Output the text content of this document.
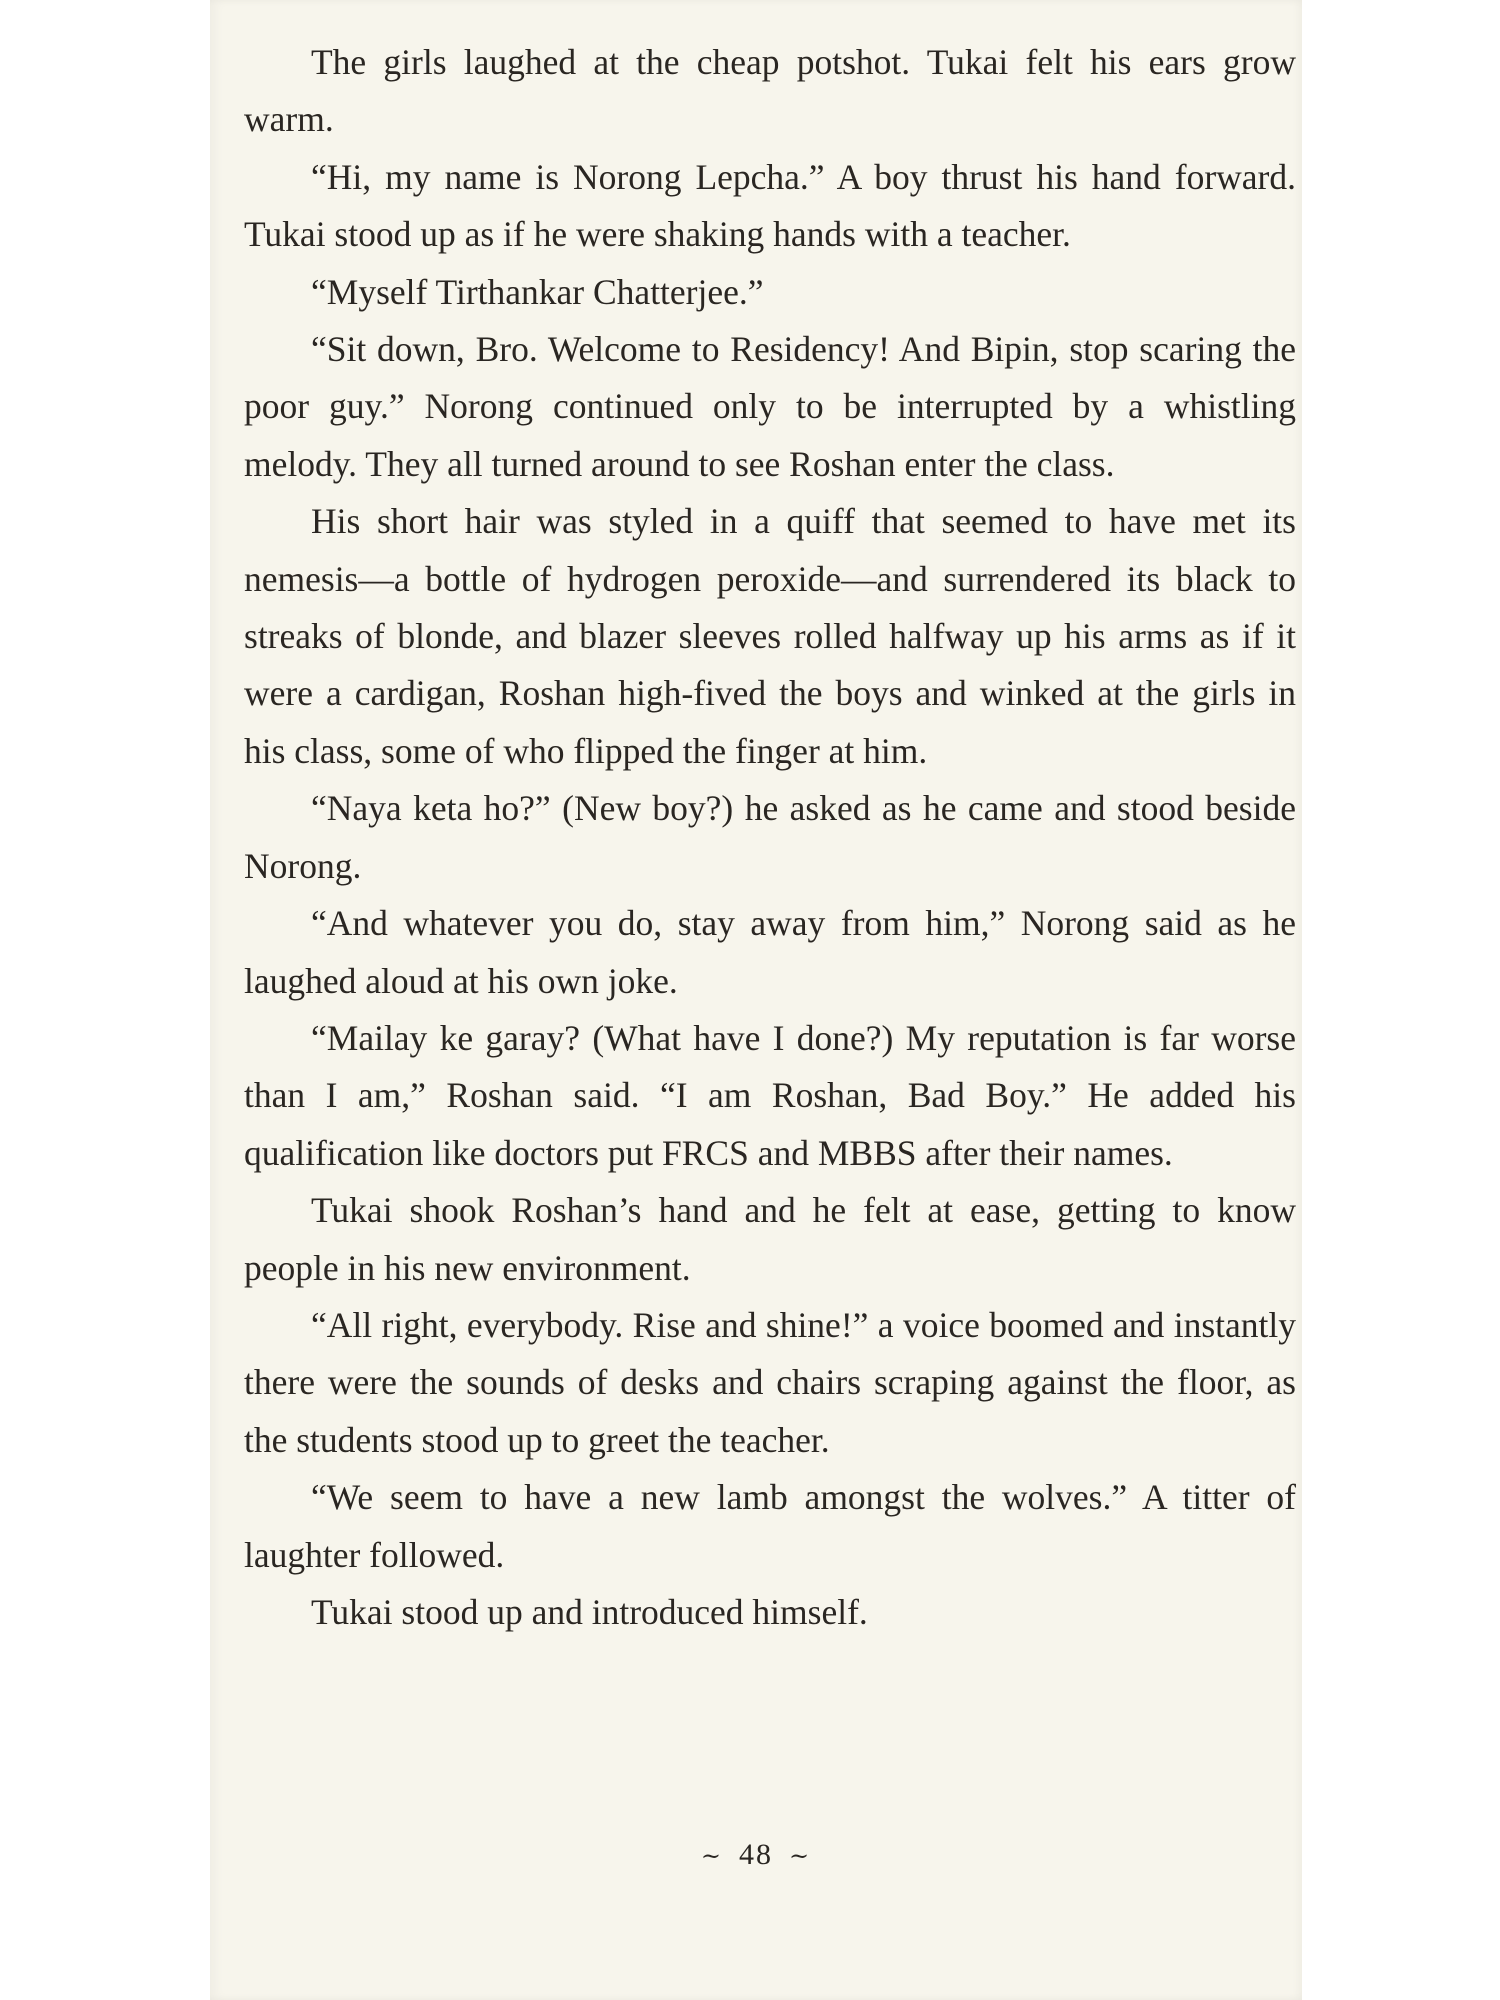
The girls laughed at the cheap potshot. Tukai felt his ears grow warm.

“Hi, my name is Norong Lepcha.” A boy thrust his hand forward. Tukai stood up as if he were shaking hands with a teacher.

“Myself Tirthankar Chatterjee.”

“Sit down, Bro. Welcome to Residency! And Bipin, stop scaring the poor guy.” Norong continued only to be interrupted by a whistling melody. They all turned around to see Roshan enter the class.

His short hair was styled in a quiff that seemed to have met its nemesis—a bottle of hydrogen peroxide—and surrendered its black to streaks of blonde, and blazer sleeves rolled halfway up his arms as if it were a cardigan, Roshan high-fived the boys and winked at the girls in his class, some of who flipped the finger at him.

“Naya keta ho?” (New boy?) he asked as he came and stood beside Norong.

“And whatever you do, stay away from him,” Norong said as he laughed aloud at his own joke.

“Mailay ke garay? (What have I done?) My reputation is far worse than I am,” Roshan said. “I am Roshan, Bad Boy.” He added his qualification like doctors put FRCS and MBBS after their names.

Tukai shook Roshan’s hand and he felt at ease, getting to know people in his new environment.

“All right, everybody. Rise and shine!” a voice boomed and instantly there were the sounds of desks and chairs scraping against the floor, as the students stood up to greet the teacher.

“We seem to have a new lamb amongst the wolves.” A titter of laughter followed.

Tukai stood up and introduced himself.

~ 48 ~
